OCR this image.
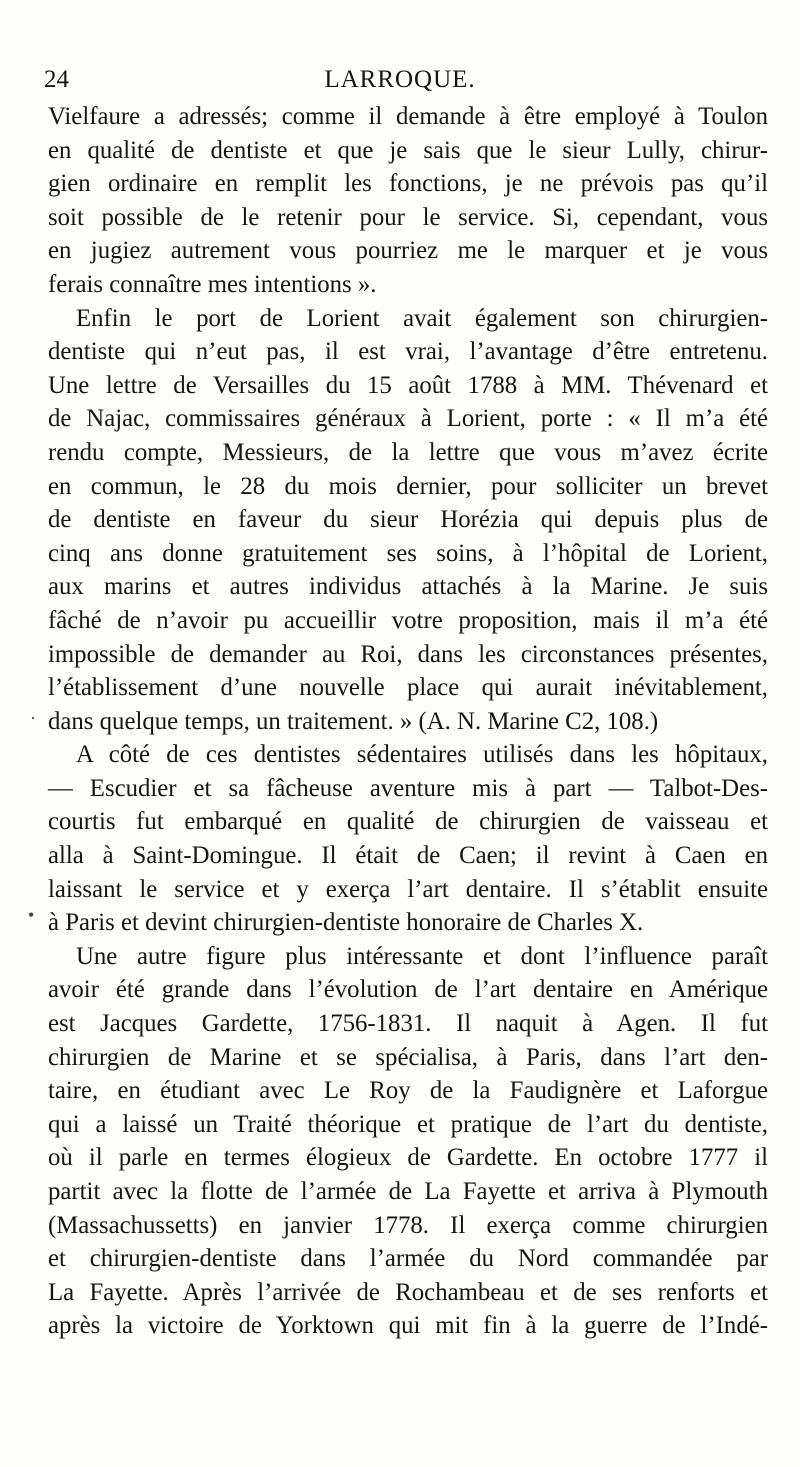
24	LARROQUE.
·
•
Vielfaure a adressés; comme il demande à être employé à Toulon
en qualité de dentiste et que je sais que le sieur Lully, chirur-
gien ordinaire en remplit les fonctions, je ne prévois pas qu’il
soit possible de le retenir pour le service. Si, cependant, vous
en jugiez autrement vous pourriez me le marquer et je vous
ferais connaître mes intentions ».
Enfin le port de Lorient avait également son chirurgien-
dentiste qui n’eut pas, il est vrai, l’avantage d’être entretenu.
Une lettre de Versailles du 15 août 1788 à MM. Thévenard et
de Najac, commissaires généraux à Lorient, porte : « Il m’a été
rendu compte, Messieurs, de la lettre que vous m’avez écrite
en commun, le 28 du mois dernier, pour solliciter un brevet
de dentiste en faveur du sieur Horézia qui depuis plus de
cinq ans donne gratuitement ses soins, à l’hôpital de Lorient,
aux marins et autres individus attachés à la Marine. Je suis
fâché de n’avoir pu accueillir votre proposition, mais il m’a été
impossible de demander au Roi, dans les circonstances présentes,
l’établissement d’une nouvelle place qui aurait inévitablement,
dans quelque temps, un traitement. » (A. N. Marine C2, 108.)
A côté de ces dentistes sédentaires utilisés dans les hôpitaux,
— Escudier et sa fâcheuse aventure mis à part — Talbot-Des-
courtis fut embarqué en qualité de chirurgien de vaisseau et
alla à Saint-Domingue. Il était de Caen; il revint à Caen en
laissant le service et y exerça l’art dentaire. Il s’établit ensuite
à Paris et devint chirurgien-dentiste honoraire de Charles X.
Une autre figure plus intéressante et dont l’influence paraît
avoir été grande dans l’évolution de l’art dentaire en Amérique
est Jacques Gardette, 1756-1831. Il naquit à Agen. Il fut
chirurgien de Marine et se spécialisa, à Paris, dans l’art den-
taire, en étudiant avec Le Roy de la Faudignère et Laforgue
qui a laissé un Traité théorique et pratique de l’art du dentiste,
où il parle en termes élogieux de Gardette. En octobre 1777 il
partit avec la flotte de l’armée de La Fayette et arriva à Plymouth
(Massachussetts) en janvier 1778. Il exerça comme chirurgien
et chirurgien-dentiste dans l’armée du Nord commandée par
La Fayette. Après l’arrivée de Rochambeau et de ses renforts et
après la victoire de Yorktown qui mit fin à la guerre de l’Indé-
